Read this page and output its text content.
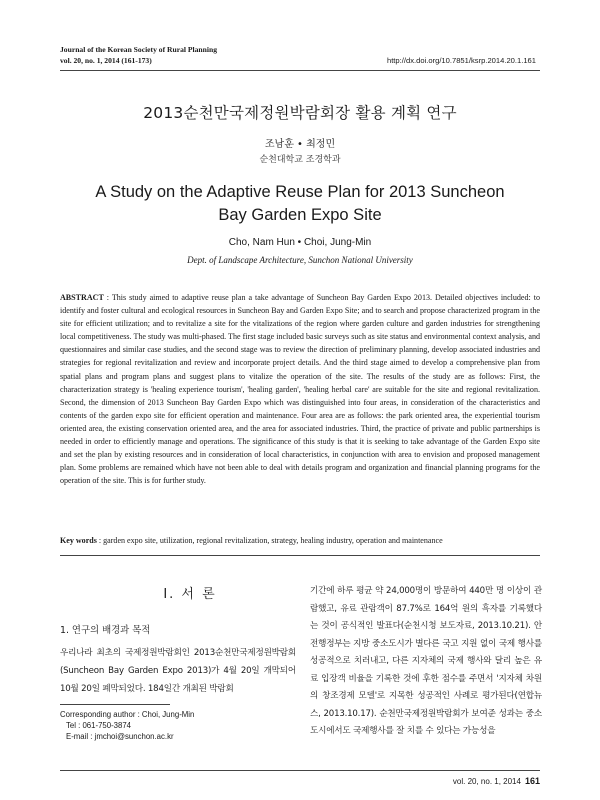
Journal of the Korean Society of Rural Planning
vol. 20, no. 1, 2014 (161-173)	http://dx.doi.org/10.7851/ksrp.2014.20.1.161
2013순천만국제정원박람회장 활용 계획 연구
조남훈 • 최정민
순천대학교 조경학과
A Study on the Adaptive Reuse Plan for 2013 Suncheon Bay Garden Expo Site
Cho, Nam Hun • Choi, Jung-Min
Dept. of Landscape Architecture, Sunchon National University
ABSTRACT : This study aimed to adaptive reuse plan a take advantage of Suncheon Bay Garden Expo 2013. Detailed objectives included: to identify and foster cultural and ecological resources in Suncheon Bay and Garden Expo Site; and to search and propose characterized program in the site for efficient utilization; and to revitalize a site for the vitalizations of the region where garden culture and garden industries for strengthening local competitiveness. The study was multi-phased. The first stage included basic surveys such as site status and environmental context analysis, and questionnaires and similar case studies, and the second stage was to review the direction of preliminary planning, develop associated industries and strategies for regional revitalization and review and incorporate project details. And the third stage aimed to develop a comprehensive plan from spatial plans and program plans and suggest plans to vitalize the operation of the site. The results of the study are as follows: First, the characterization strategy is 'healing experience tourism', 'healing garden', 'healing herbal care' are suitable for the site and regional revitalization. Second, the dimension of 2013 Suncheon Bay Garden Expo which was distinguished into four areas, in consideration of the characteristics and contents of the garden expo site for efficient operation and maintenance. Four area are as follows: the park oriented area, the experiential tourism oriented area, the existing conservation oriented area, and the area for associated industries. Third, the practice of private and public partnerships is needed in order to efficiently manage and operations. The significance of this study is that it is seeking to take advantage of the Garden Expo site and set the plan by existing resources and in consideration of local characteristics, in conjunction with area to envision and proposed management plan. Some problems are remained which have not been able to deal with details program and organization and financial planning programs for the operation of the site. This is for further study.
Key words : garden expo site, utilization, regional revitalization, strategy, healing industry, operation and maintenance
I. 서 론
1. 연구의 배경과 목적
우리나라 최초의 국제정원박람회인 2013순천만국제정원박람회(Suncheon Bay Garden Expo 2013)가 4월 20일 개막되어 10월 20일 폐막되었다. 184일간 개최된 박람회
기간에 하루 평균 약 24,000명이 방문하여 440만 명 이상이 관람했고, 유료 관람객이 87.7%로 164억 원의 흑자를 기록했다는 것이 공식적인 발표다(순천시청 보도자료, 2013.10.21). 안전행정부는 지방 중소도시가 별다른 국고 지원 없이 국제 행사를 성공적으로 치러내고, 다른 지자체의 국제 행사와 달리 높은 유료 입장객 비율을 기록한 것에 후한 점수를 주면서 '지자체 차원의 창조경제 모델'로 지목한 성공적인 사례로 평가된다(연합뉴스, 2013.10.17). 순천만국제정원박람회가 보여준 성과는 중소도시에서도 국제행사를 잘 치를 수 있다는 가능성을
Corresponding author : Choi, Jung-Min
Tel : 061-750-3874
E-mail : jmchoi@sunchon.ac.kr
vol. 20, no. 1, 2014 161
